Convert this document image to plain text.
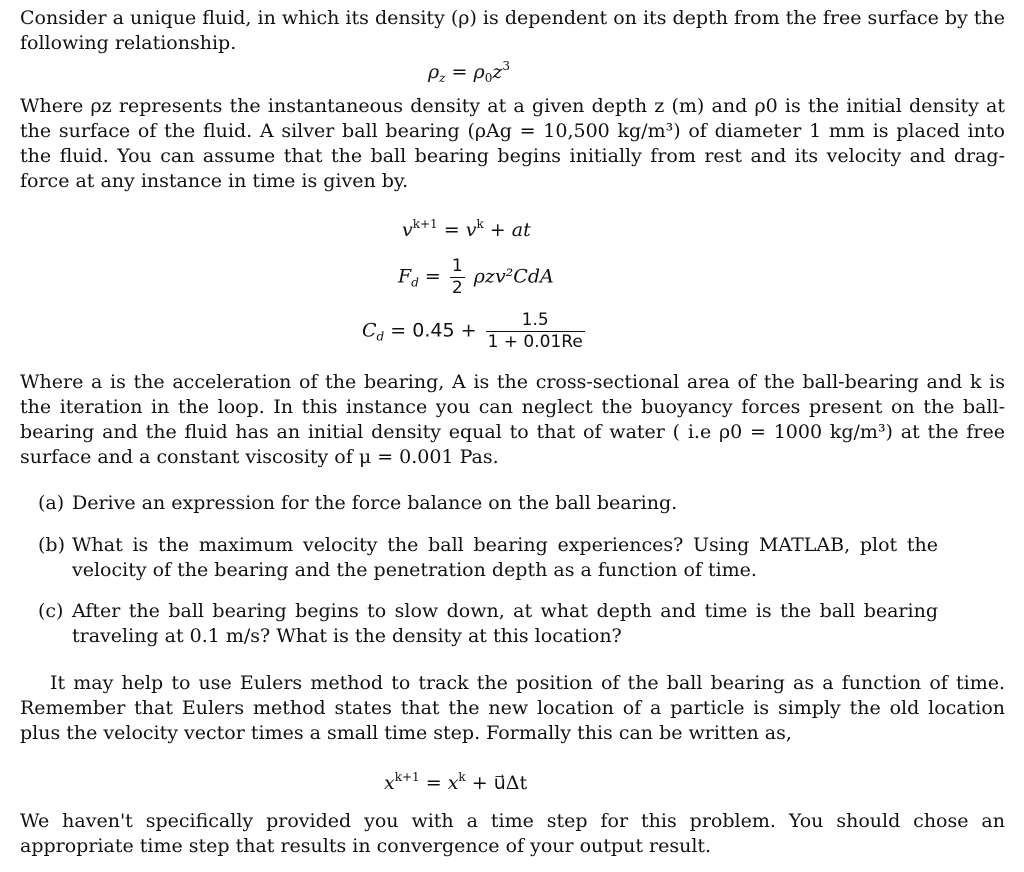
Consider a unique fluid, in which its density (ρ) is dependent on its depth from the free surface by the following relationship.

$\rho_z = \rho_0z^3$

Where ρz represents the instantaneous density at a given depth z (m) and ρ0 is the initial density at the surface of the fluid. A silver ball bearing (ρAg = 10,500 kg/m³) of diameter 1 mm is placed into the fluid. You can assume that the ball bearing begins initially from rest and its velocity and drag-force at any instance in time is given by.

$v^{k+1} = v^k$ + at
$F_d = \frac{1}{2} \rho zv^2CdA$
$C_d = 0.45 + \frac{1.5}{1 + 0.01Re}$

Where a is the acceleration of the bearing, A is the cross-sectional area of the ball-bearing and k is the iteration in the loop. In this instance you can neglect the buoyancy forces present on the ball-bearing and the fluid has an initial density equal to that of water ( i.e ρ0 = 1000 kg/m³) at the free surface and a constant viscosity of μ = 0.001 Pas.

(a) Derive an expression for the force balance on the ball bearing.

(b) What is the maximum velocity the ball bearing experiences? Using MATLAB, plot the velocity of the bearing and the penetration depth as a function of time.

(c) After the ball bearing begins to slow down, at what depth and time is the ball bearing traveling at 0.1 m/s? What is the density at this location?

It may help to use Eulers method to track the position of the ball bearing as a function of time. Remember that Eulers method states that the new location of a particle is simply the old location plus the velocity vector times a small time step. Formally this can be written as,

$x^{k+1} = x^k$ + u⃗Δt

We haven't specifically provided you with a time step for this problem. You should chose an appropriate time step that results in convergence of your output result.
